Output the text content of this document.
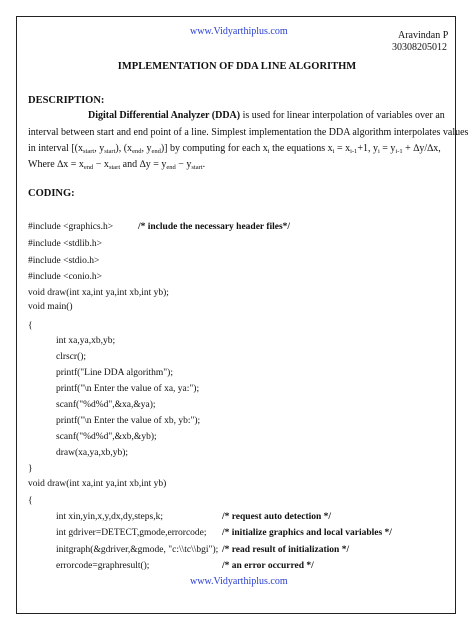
www.Vidyarthiplus.com	Aravindan P
30308205012
IMPLEMENTATION OF DDA LINE ALGORITHM
DESCRIPTION:
Digital Differential Analyzer (DDA) is used for linear interpolation of variables over an
interval between start and end point of a line. Simplest implementation the DDA algorithm interpolates values
in interval [($x_{start}$, $y_{start}$), ($x_{end}$, $y_{end}$)] by computing for each $x_i$ the equations $x_i = x_{i-1}+1$, $y_i = y_{i-1} + \Delta y/\Delta x$,
Where $\Delta x = x_{end} - x_{start}$ and $\Delta y = y_{end} - y_{start}$.
CODING:
#include <graphics.h>	/* include the necessary header files*/
#include <stdlib.h>
#include <stdio.h>
#include <conio.h>
void draw(int xa,int ya,int xb,int yb);
void main()
{
int xa,ya,xb,yb;
clrscr();
printf("Line DDA algorithm");
printf("\n Enter the value of xa, ya:");
scanf("%d%d",&xa,&ya);
printf("\n Enter the value of xb, yb:");
scanf("%d%d",&xb,&yb);
draw(xa,ya,xb,yb);
}
void draw(int xa,int ya,int xb,int yb)
{
int xin,yin,x,y,dx,dy,steps,k;	/* request auto detection */
int gdriver=DETECT,gmode,errorcode; /* initialize graphics and local variables */
initgraph(&gdriver,&gmode, "c:\\tc\\bgi"); /* read result of initialization */
errorcode=graphresult();	/* an error occurred */
www.Vidyarthiplus.com
